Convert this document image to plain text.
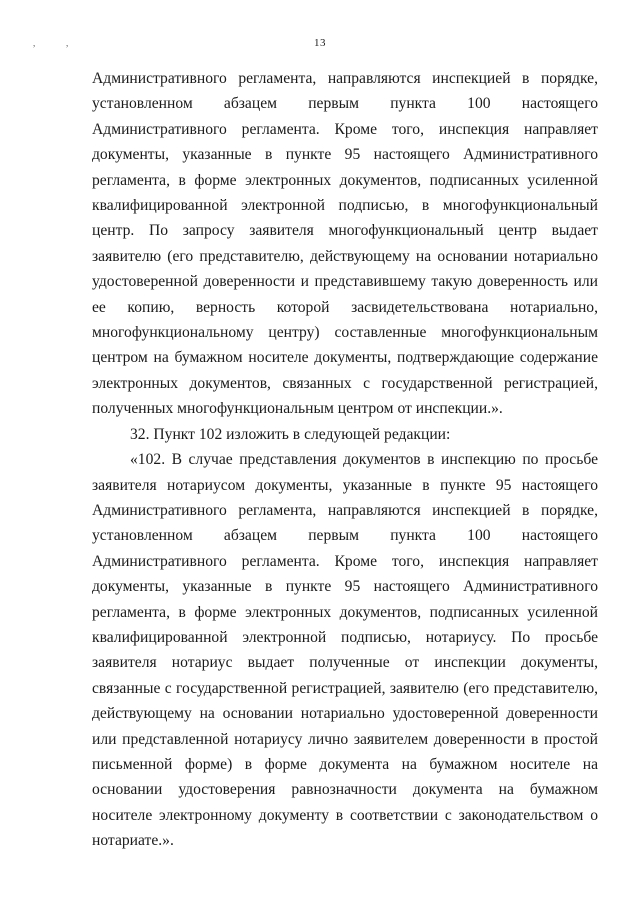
,	,	13

Административного регламента, направляются инспекцией в порядке, установленном абзацем первым пункта 100 настоящего Административного регламента. Кроме того, инспекция направляет документы, указанные в пункте 95 настоящего Административного регламента, в форме электронных документов, подписанных усиленной квалифицированной электронной подписью, в многофункциональный центр. По запросу заявителя многофункциональный центр выдает заявителю (его представителю, действующему на основании нотариально удостоверенной доверенности и представившему такую доверенность или ее копию, верность которой засвидетельствована нотариально, многофункциональному центру) составленные многофункциональным центром на бумажном носителе документы, подтверждающие содержание электронных документов, связанных с государственной регистрацией, полученных многофункциональным центром от инспекции.».

32. Пункт 102 изложить в следующей редакции:

«102. В случае представления документов в инспекцию по просьбе заявителя нотариусом документы, указанные в пункте 95 настоящего Административного регламента, направляются инспекцией в порядке, установленном абзацем первым пункта 100 настоящего Административного регламента. Кроме того, инспекция направляет документы, указанные в пункте 95 настоящего Административного регламента, в форме электронных документов, подписанных усиленной квалифицированной электронной подписью, нотариусу. По просьбе заявителя нотариус выдает полученные от инспекции документы, связанные с государственной регистрацией, заявителю (его представителю, действующему на основании нотариально удостоверенной доверенности или представленной нотариусу лично заявителем доверенности в простой письменной форме) в форме документа на бумажном носителе на основании удостоверения равнозначности документа на бумажном носителе электронному документу в соответствии с законодательством о нотариате.».
